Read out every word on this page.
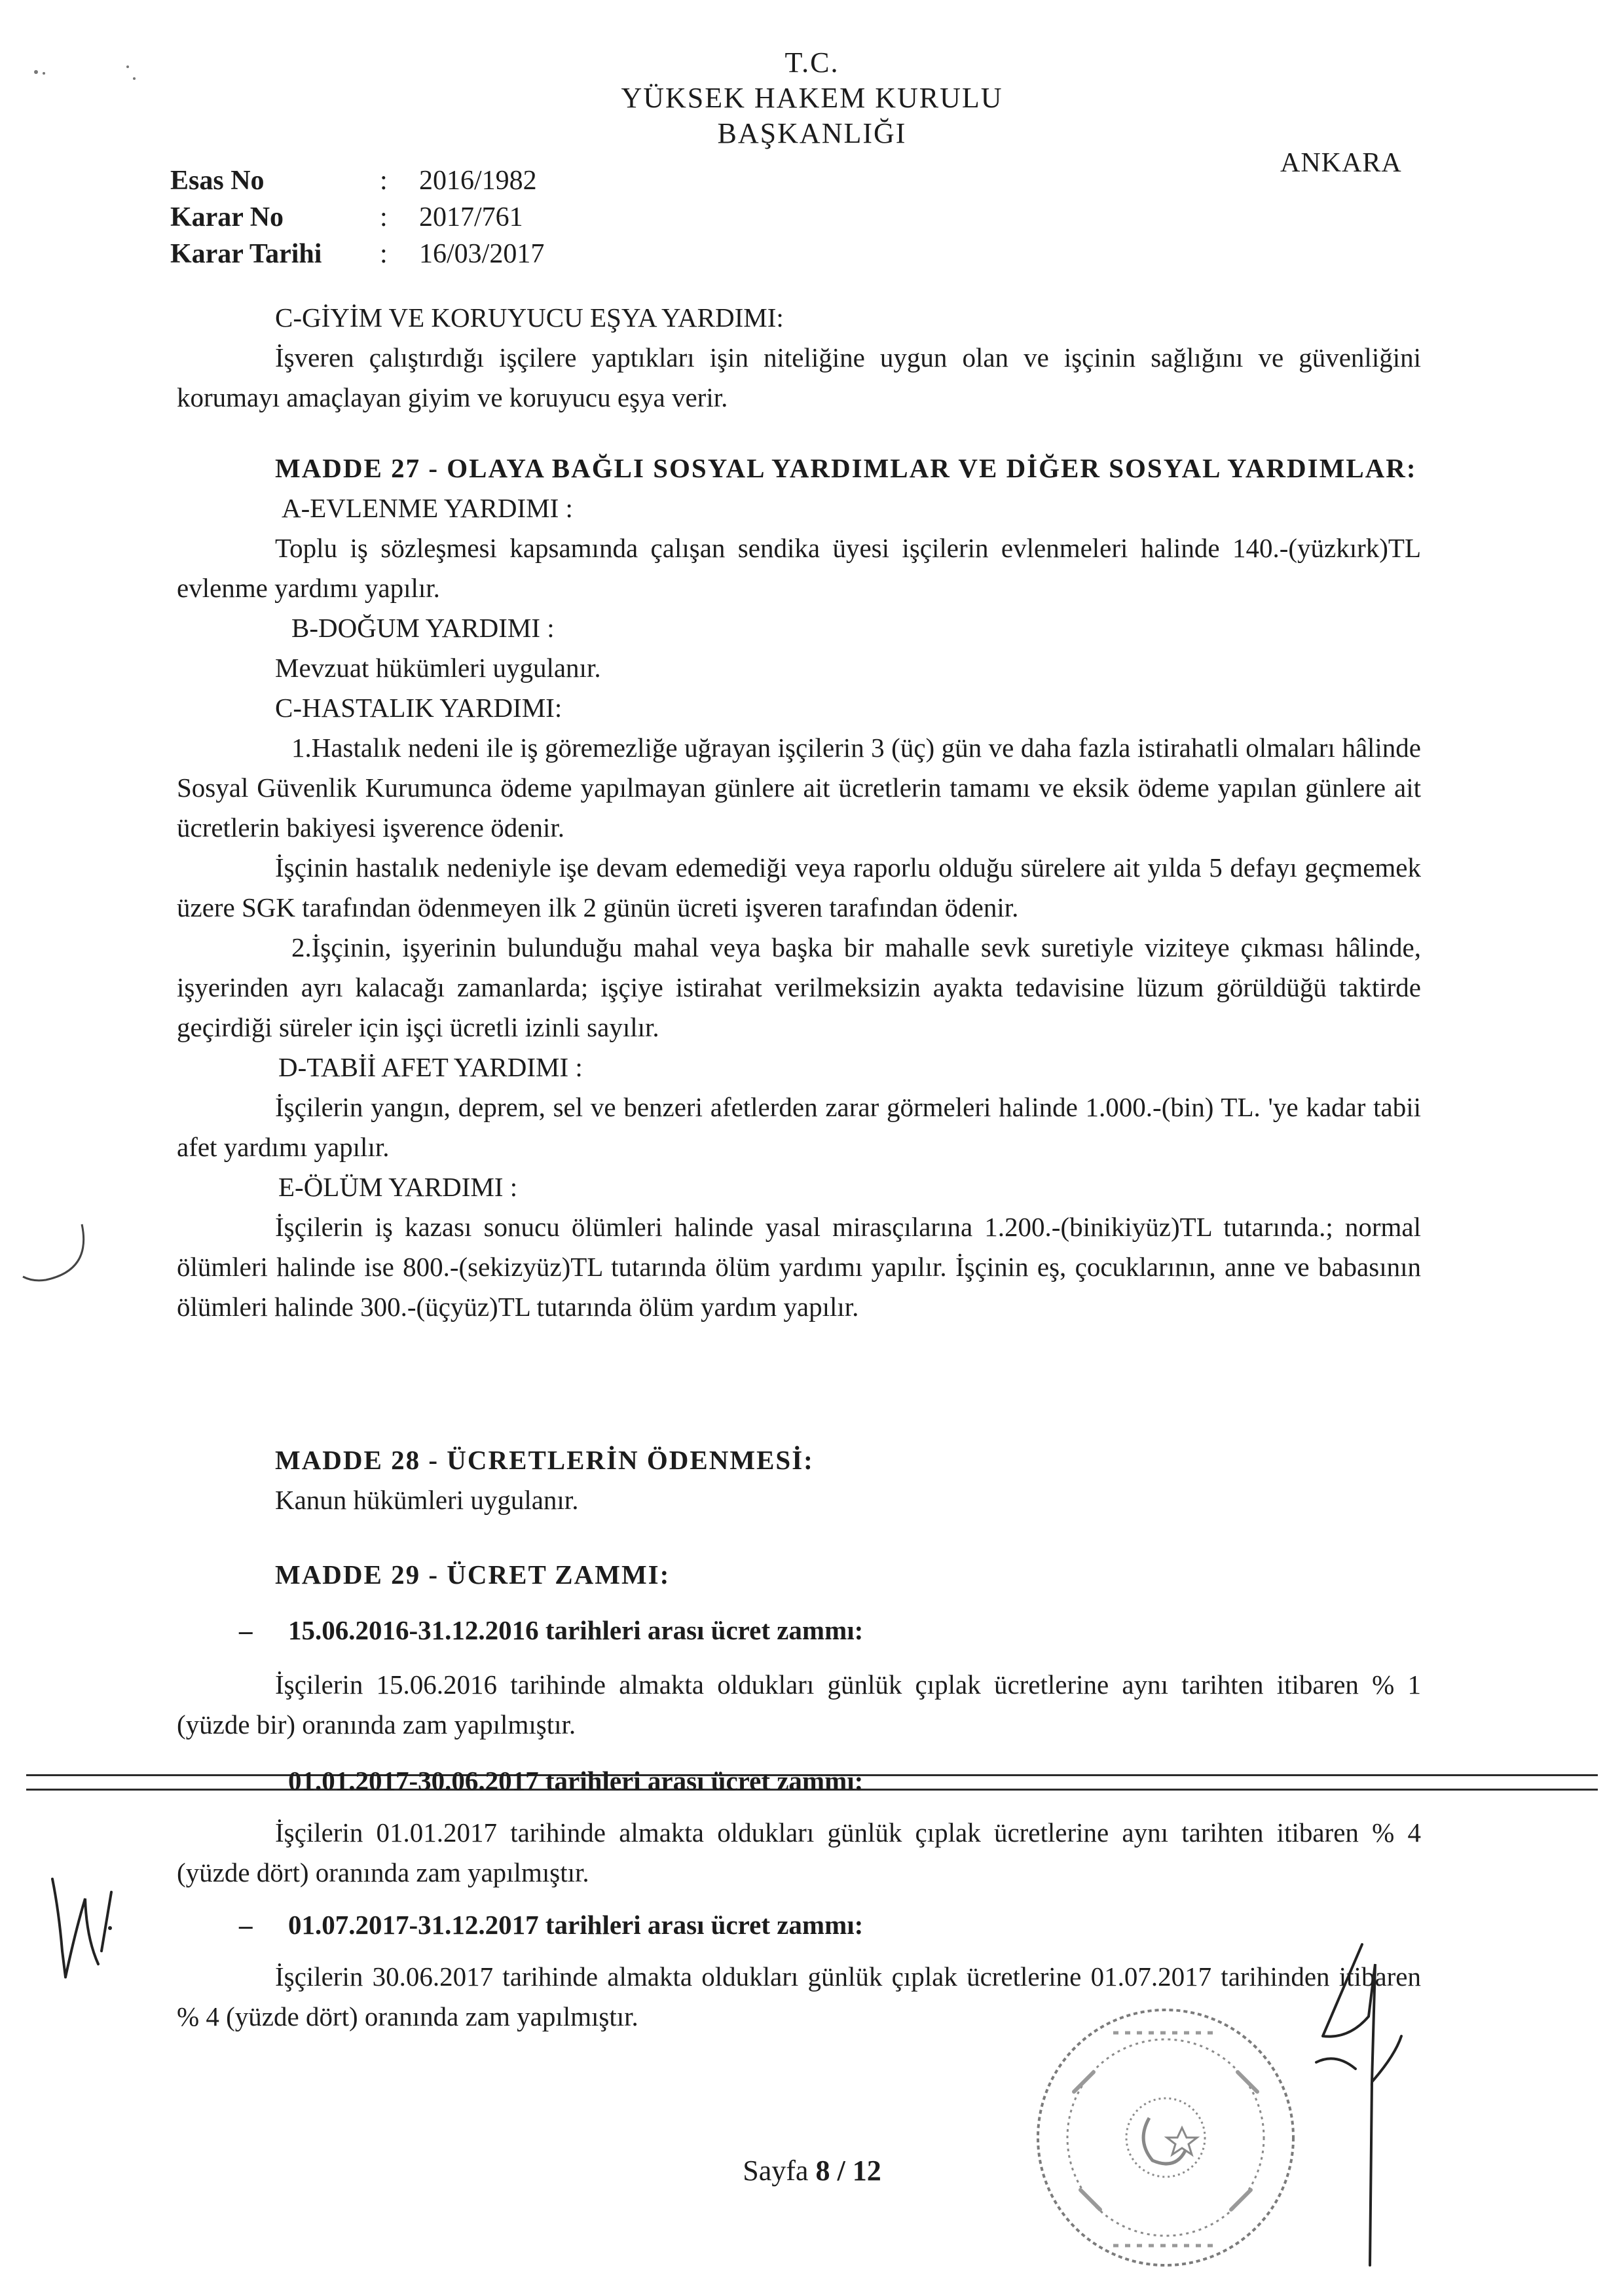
T.C.
YÜKSEK HAKEM KURULU
BAŞKANLIĞI
ANKARA
Esas No	:	2016/1982
Karar No	:	2017/761
Karar Tarihi	:	16/03/2017

C-GİYİM VE KORUYUCU EŞYA YARDIMI:

İşveren çalıştırdığı işçilere yaptıkları işin niteliğine uygun olan ve işçinin sağlığını ve güvenliğini korumayı amaçlayan giyim ve koruyucu eşya verir.

MADDE 27 - OLAYA BAĞLI SOSYAL YARDIMLAR VE DİĞER SOSYAL YARDIMLAR:

A-EVLENME YARDIMI :

Toplu iş sözleşmesi kapsamında çalışan sendika üyesi işçilerin evlenmeleri halinde 140.-(yüzkırk)TL evlenme yardımı yapılır.

B-DOĞUM YARDIMI :

Mevzuat hükümleri uygulanır.

C-HASTALIK YARDIMI:

1.Hastalık nedeni ile iş göremezliğe uğrayan işçilerin 3 (üç) gün ve daha fazla istirahatli olmaları hâlinde Sosyal Güvenlik Kurumunca ödeme yapılmayan günlere ait ücretlerin tamamı ve eksik ödeme yapılan günlere ait ücretlerin bakiyesi işverence ödenir.

İşçinin hastalık nedeniyle işe devam edemediği veya raporlu olduğu sürelere ait yılda 5 defayı geçmemek üzere SGK tarafından ödenmeyen ilk 2 günün ücreti işveren tarafından ödenir.

2.İşçinin, işyerinin bulunduğu mahal veya başka bir mahalle sevk suretiyle viziteye çıkması hâlinde, işyerinden ayrı kalacağı zamanlarda; işçiye istirahat verilmeksizin ayakta tedavisine lüzum görüldüğü taktirde geçirdiği süreler için işçi ücretli izinli sayılır.

D-TABİİ AFET YARDIMI :

İşçilerin yangın, deprem, sel ve benzeri afetlerden zarar görmeleri halinde 1.000.-(bin) TL. 'ye kadar tabii afet yardımı yapılır.

E-ÖLÜM YARDIMI :

İşçilerin iş kazası sonucu ölümleri halinde yasal mirasçılarına 1.200.-(binikiyüz)TL tutarında.; normal ölümleri halinde ise 800.-(sekizyüz)TL tutarında ölüm yardımı yapılır. İşçinin eş, çocuklarının, anne ve babasının ölümleri halinde 300.-(üçyüz)TL tutarında ölüm yardım yapılır.

MADDE 28 - ÜCRETLERİN ÖDENMESİ:

Kanun hükümleri uygulanır.

MADDE 29 - ÜCRET ZAMMI:

– 15.06.2016-31.12.2016 tarihleri arası ücret zammı:

İşçilerin 15.06.2016 tarihinde almakta oldukları günlük çıplak ücretlerine aynı tarihten itibaren % 1 (yüzde bir) oranında zam yapılmıştır.

01.01.2017-30.06.2017 tarihleri arası ücret zammı:

İşçilerin 01.01.2017 tarihinde almakta oldukları günlük çıplak ücretlerine aynı tarihten itibaren % 4 (yüzde dört) oranında zam yapılmıştır.

– 01.07.2017-31.12.2017 tarihleri arası ücret zammı:

İşçilerin 30.06.2017 tarihinde almakta oldukları günlük çıplak ücretlerine 01.07.2017 tarihinden itibaren % 4 (yüzde dört) oranında zam yapılmıştır.

Sayfa 8 / 12
